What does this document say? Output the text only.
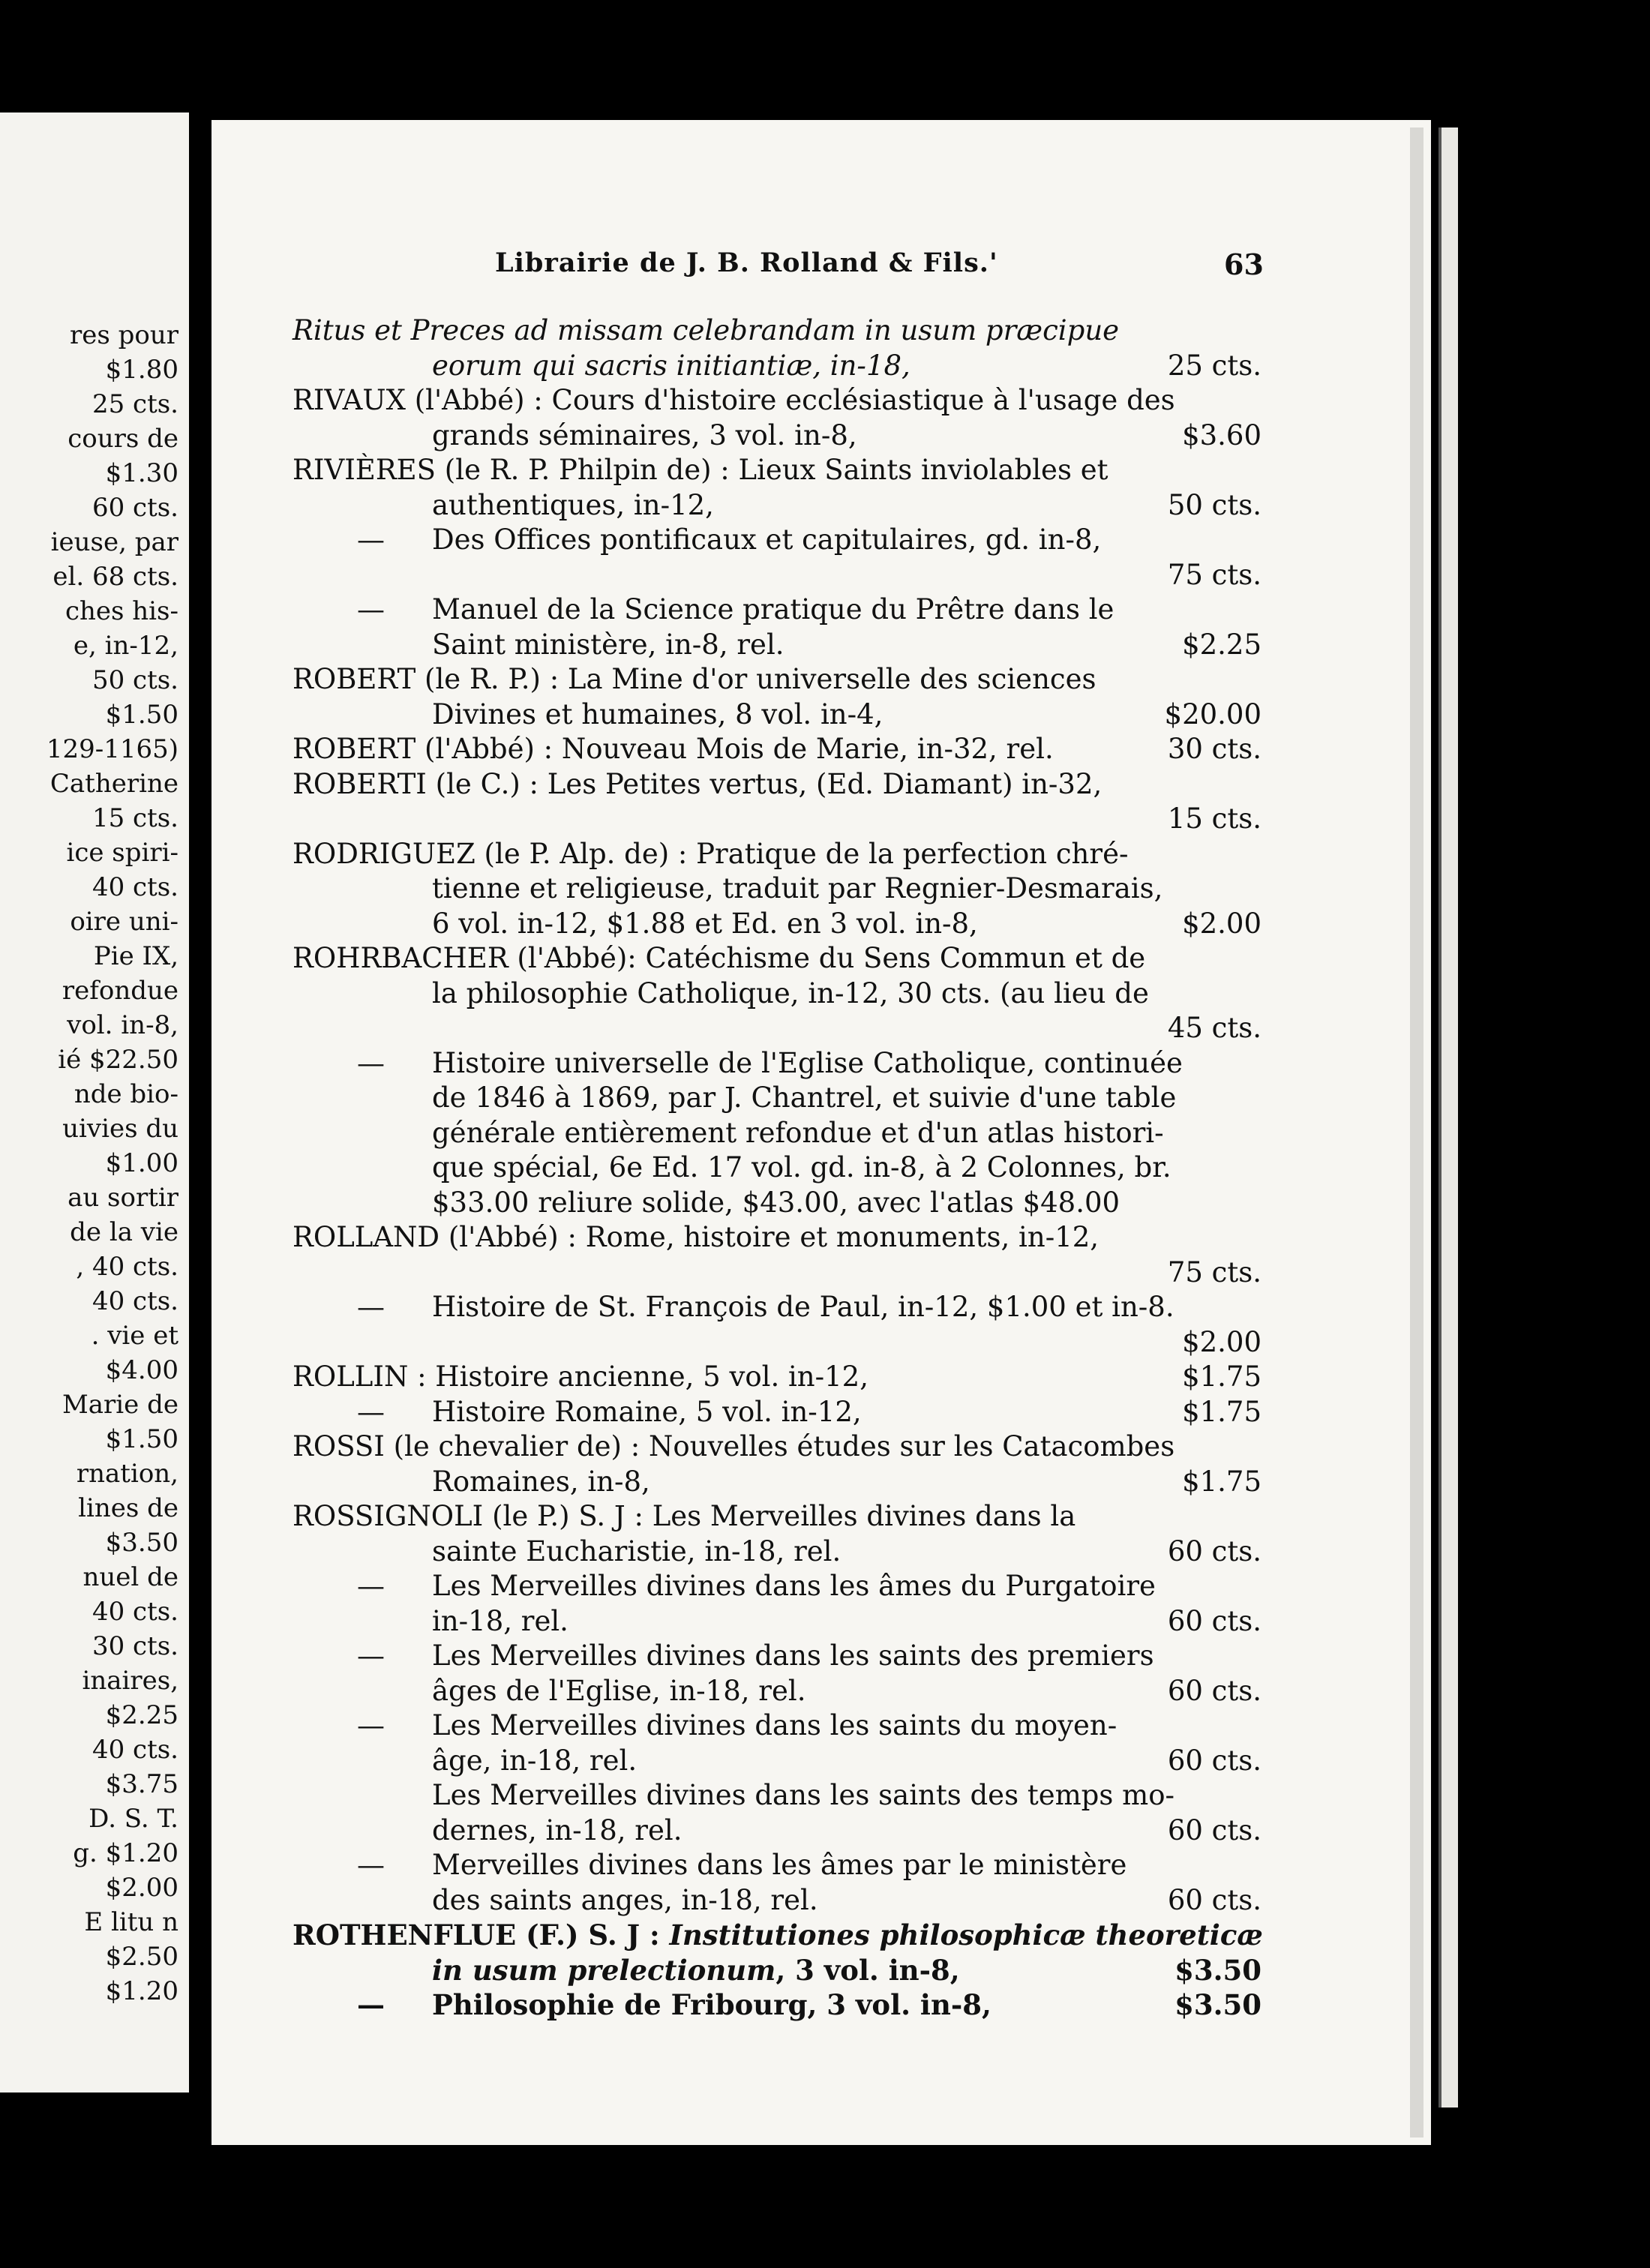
res pour
$1.80
25 cts.
cours de
$1.30
60 cts.
ieuse, par
el. 68 cts.
ches his-
e, in-12,
50 cts.
$1.50
129-1165)
Catherine
15 cts.
ice spiri-
40 cts.
oire uni-
Pie IX,
refondue
vol. in-8,
ié $22.50
nde bio-
uivies du
$1.00
au sortir
de la vie
, 40 cts.
40 cts.
. vie et
$4.00
Marie de
$1.50
rnation,
lines de
$3.50
nuel de
40 cts.
30 cts.
inaires,
$2.25
40 cts.
$3.75
D. S. T.
g. $1.20
$2.00
E litu n
$2.50
$1.20
Librairie de J. B. Rolland & Fils.'	63
Ritus et Preces ad missam celebrandam in usum præcipue
eorum qui sacris initiantiæ, in-18,	25 cts.
RIVAUX (l'Abbé) : Cours d'histoire ecclésiastique à l'usage des
grands séminaires, 3 vol. in-8,	$3.60
RIVIÈRES (le R. P. Philpin de) : Lieux Saints inviolables et
authentiques, in-12,	50 cts.
— Des Offices pontificaux et capitulaires, gd. in-8,
75 cts.
— Manuel de la Science pratique du Prêtre dans le
Saint ministère, in-8, rel.	$2.25
ROBERT (le R. P.) : La Mine d'or universelle des sciences
Divines et humaines, 8 vol. in-4,	$20.00
ROBERT (l'Abbé) : Nouveau Mois de Marie, in-32, rel.	30 cts.
ROBERTI (le C.) : Les Petites vertus, (Ed. Diamant) in-32,
15 cts.
RODRIGUEZ (le P. Alp. de) : Pratique de la perfection chré-
tienne et religieuse, traduit par Regnier-Desmarais,
6 vol. in-12, $1.88 et Ed. en 3 vol. in-8,	$2.00
ROHRBACHER (l'Abbé): Catéchisme du Sens Commun et de
la philosophie Catholique, in-12, 30 cts. (au lieu de
45 cts.
— Histoire universelle de l'Eglise Catholique, continuée
de 1846 à 1869, par J. Chantrel, et suivie d'une table
générale entièrement refondue et d'un atlas histori-
que spécial, 6e Ed. 17 vol. gd. in-8, à 2 Colonnes, br.
$33.00 reliure solide, $43.00, avec l'atlas $48.00
ROLLAND (l'Abbé) : Rome, histoire et monuments, in-12,
75 cts.
— Histoire de St. François de Paul, in-12, $1.00 et in-8.
$2.00
ROLLIN : Histoire ancienne, 5 vol. in-12,	$1.75
— Histoire Romaine, 5 vol. in-12,	$1.75
ROSSI (le chevalier de) : Nouvelles études sur les Catacombes
Romaines, in-8,	$1.75
ROSSIGNOLI (le P.) S. J : Les Merveilles divines dans la
sainte Eucharistie, in-18, rel.	60 cts.
— Les Merveilles divines dans les âmes du Purgatoire
in-18, rel.	60 cts.
— Les Merveilles divines dans les saints des premiers
âges de l'Eglise, in-18, rel.	60 cts.
— Les Merveilles divines dans les saints du moyen-
âge, in-18, rel.	60 cts.
Les Merveilles divines dans les saints des temps mo-
dernes, in-18, rel.	60 cts.
— Merveilles divines dans les âmes par le ministère
des saints anges, in-18, rel.	60 cts.
ROTHENFLUE (F.) S. J : Institutiones philosophicæ theoreticæ
in usum prelectionum, 3 vol. in-8,	$3.50
— Philosophie de Fribourg, 3 vol. in-8,	$3.50
